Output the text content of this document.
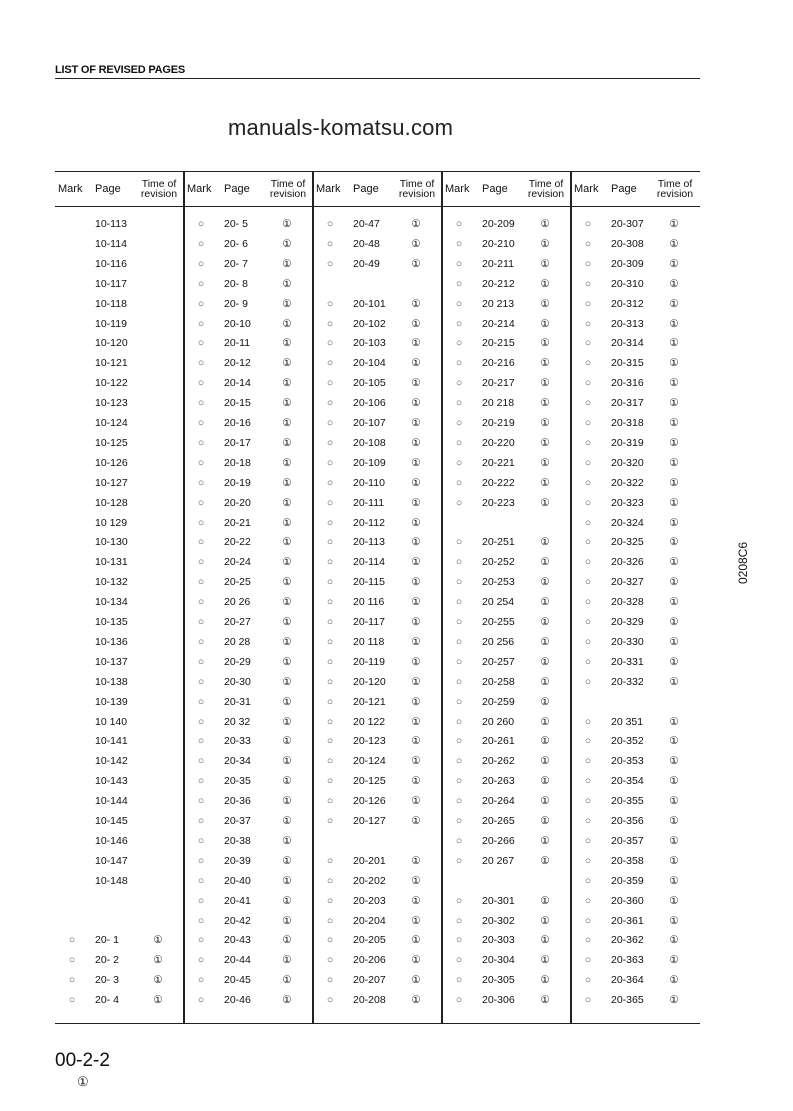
LIST OF REVISED PAGES
Mark Page	Time of
revision
10-113
10-114
10-116
10-117
10-118
10-119
10-120
10-121
10-122
10-123
10-124
10-125
10-126
10-127
10-128
10 129
10-130
10-131
10-132
10-134
10-135
10-136
10-137
10-138
10-139
10 140
10-141
10-142
10-143
10-144
10-145
10-146
10-147
10-148
○	20- 1	①
○	20- 2	①
○	20- 3	①
○	20- 4	①
Mark Page	Time of
revision
○	20- 5	①
○	20- 6	①
○	20- 7	①
○	20- 8	①
○	20- 9	①
○	20-10	①
○	20-11	①
○	20-12	①
○	20-14	①
○	20-15	①
○	20-16	①
○	20-17	①
○	20-18	①
○	20-19	①
○	20-20	①
○	20-21	①
○	20-22	①
○	20-24	①
○	20-25	①
○	20 26	①
○	20-27	①
○	20 28	①
○	20-29	①
○	20-30	①
○	20-31	①
○	20 32	①
○	20-33	①
○	20-34	①
○	20-35	①
○	20-36	①
○	20-37	①
○	20-38	①
○	20-39	①
○	20-40	①
○	20-41	①
○	20-42	①
○	20-43	①
○	20-44	①
○	20-45	①
○	20-46	①
Mark Page	Time of
revision
○	20-47	①
○	20-48	①
○	20-49	①
○	20-101 ①
○	20-102 ①
○	20-103 ①
○	20-104 ①
○	20-105 ①
○	20-106 ①
○	20-107 ①
○	20-108 ①
○	20-109 ①
○	20-110	①
○	20-111	①
○	20-112	①
○	20-113	①
○	20-114	①
○	20-115	①
○	20 116	①
○	20-117	①
○	20 118	①
○	20-119	①
○	20-120 ①
○	20-121 ①
○	20 122 ①
○	20-123 ①
○	20-124 ①
○	20-125 ①
○	20-126 ①
○	20-127 ①
○	20-201 ①
○	20-202 ①
○	20-203 ①
○	20-204 ①
○	20-205 ①
○	20-206 ①
○	20-207 ①
○	20-208 ①
Mark Page	Time of
revision
○	20-209 ①
○	20-210 ①
○	20-211	①
○	20-212 ①
○	20 213 ①
○	20-214 ①
○	20-215 ①
○	20-216 ①
○	20-217 ①
○	20 218 ①
○	20-219 ①
○	20-220 ①
○	20-221 ①
○	20-222 ①
○	20-223 ①
○	20-251 ①
○	20-252 ①
○	20-253 ①
○	20 254 ①
○	20-255 ①
○	20 256 ①
○	20-257 ①
○	20-258 ①
○	20-259 ①
○	20 260 ①
○	20-261 ①
○	20-262 ①
○	20-263 ①
○	20-264 ①
○	20-265 ①
○	20-266 ①
○	20 267 ①
○	20-301 ①
○	20-302 ①
○	20-303 ①
○	20-304 ①
○	20-305 ①
○	20-306 ①
Mark Page	Time of
revision
○	20-307 ①
○	20-308 ①
○	20-309 ①
○	20-310 ①
○	20-312 ①
○	20-313 ①
○	20-314 ①
○	20-315 ①
○	20-316 ①
○	20-317 ①
○	20-318 ①
○	20-319 ①
○	20-320 ①
○	20-322 ①
○	20-323 ①
○	20-324 ①
○	20-325 ①
○	20-326 ①
○	20-327 ①
○	20-328 ①
○	20-329 ①
○	20-330 ①
○	20-331 ①
○	20-332 ①
○	20 351 ①
○	20-352 ①
○	20-353 ①
○	20-354 ①
○	20-355 ①
○	20-356 ①
○	20-357 ①
○	20-358 ①
○	20-359 ①
○	20-360 ①
○	20-361 ①
○	20-362 ①
○	20-363 ①
○	20-364 ①
○	20-365 ①
manuals-komatsu.com
0208C6
00-2-2
①
